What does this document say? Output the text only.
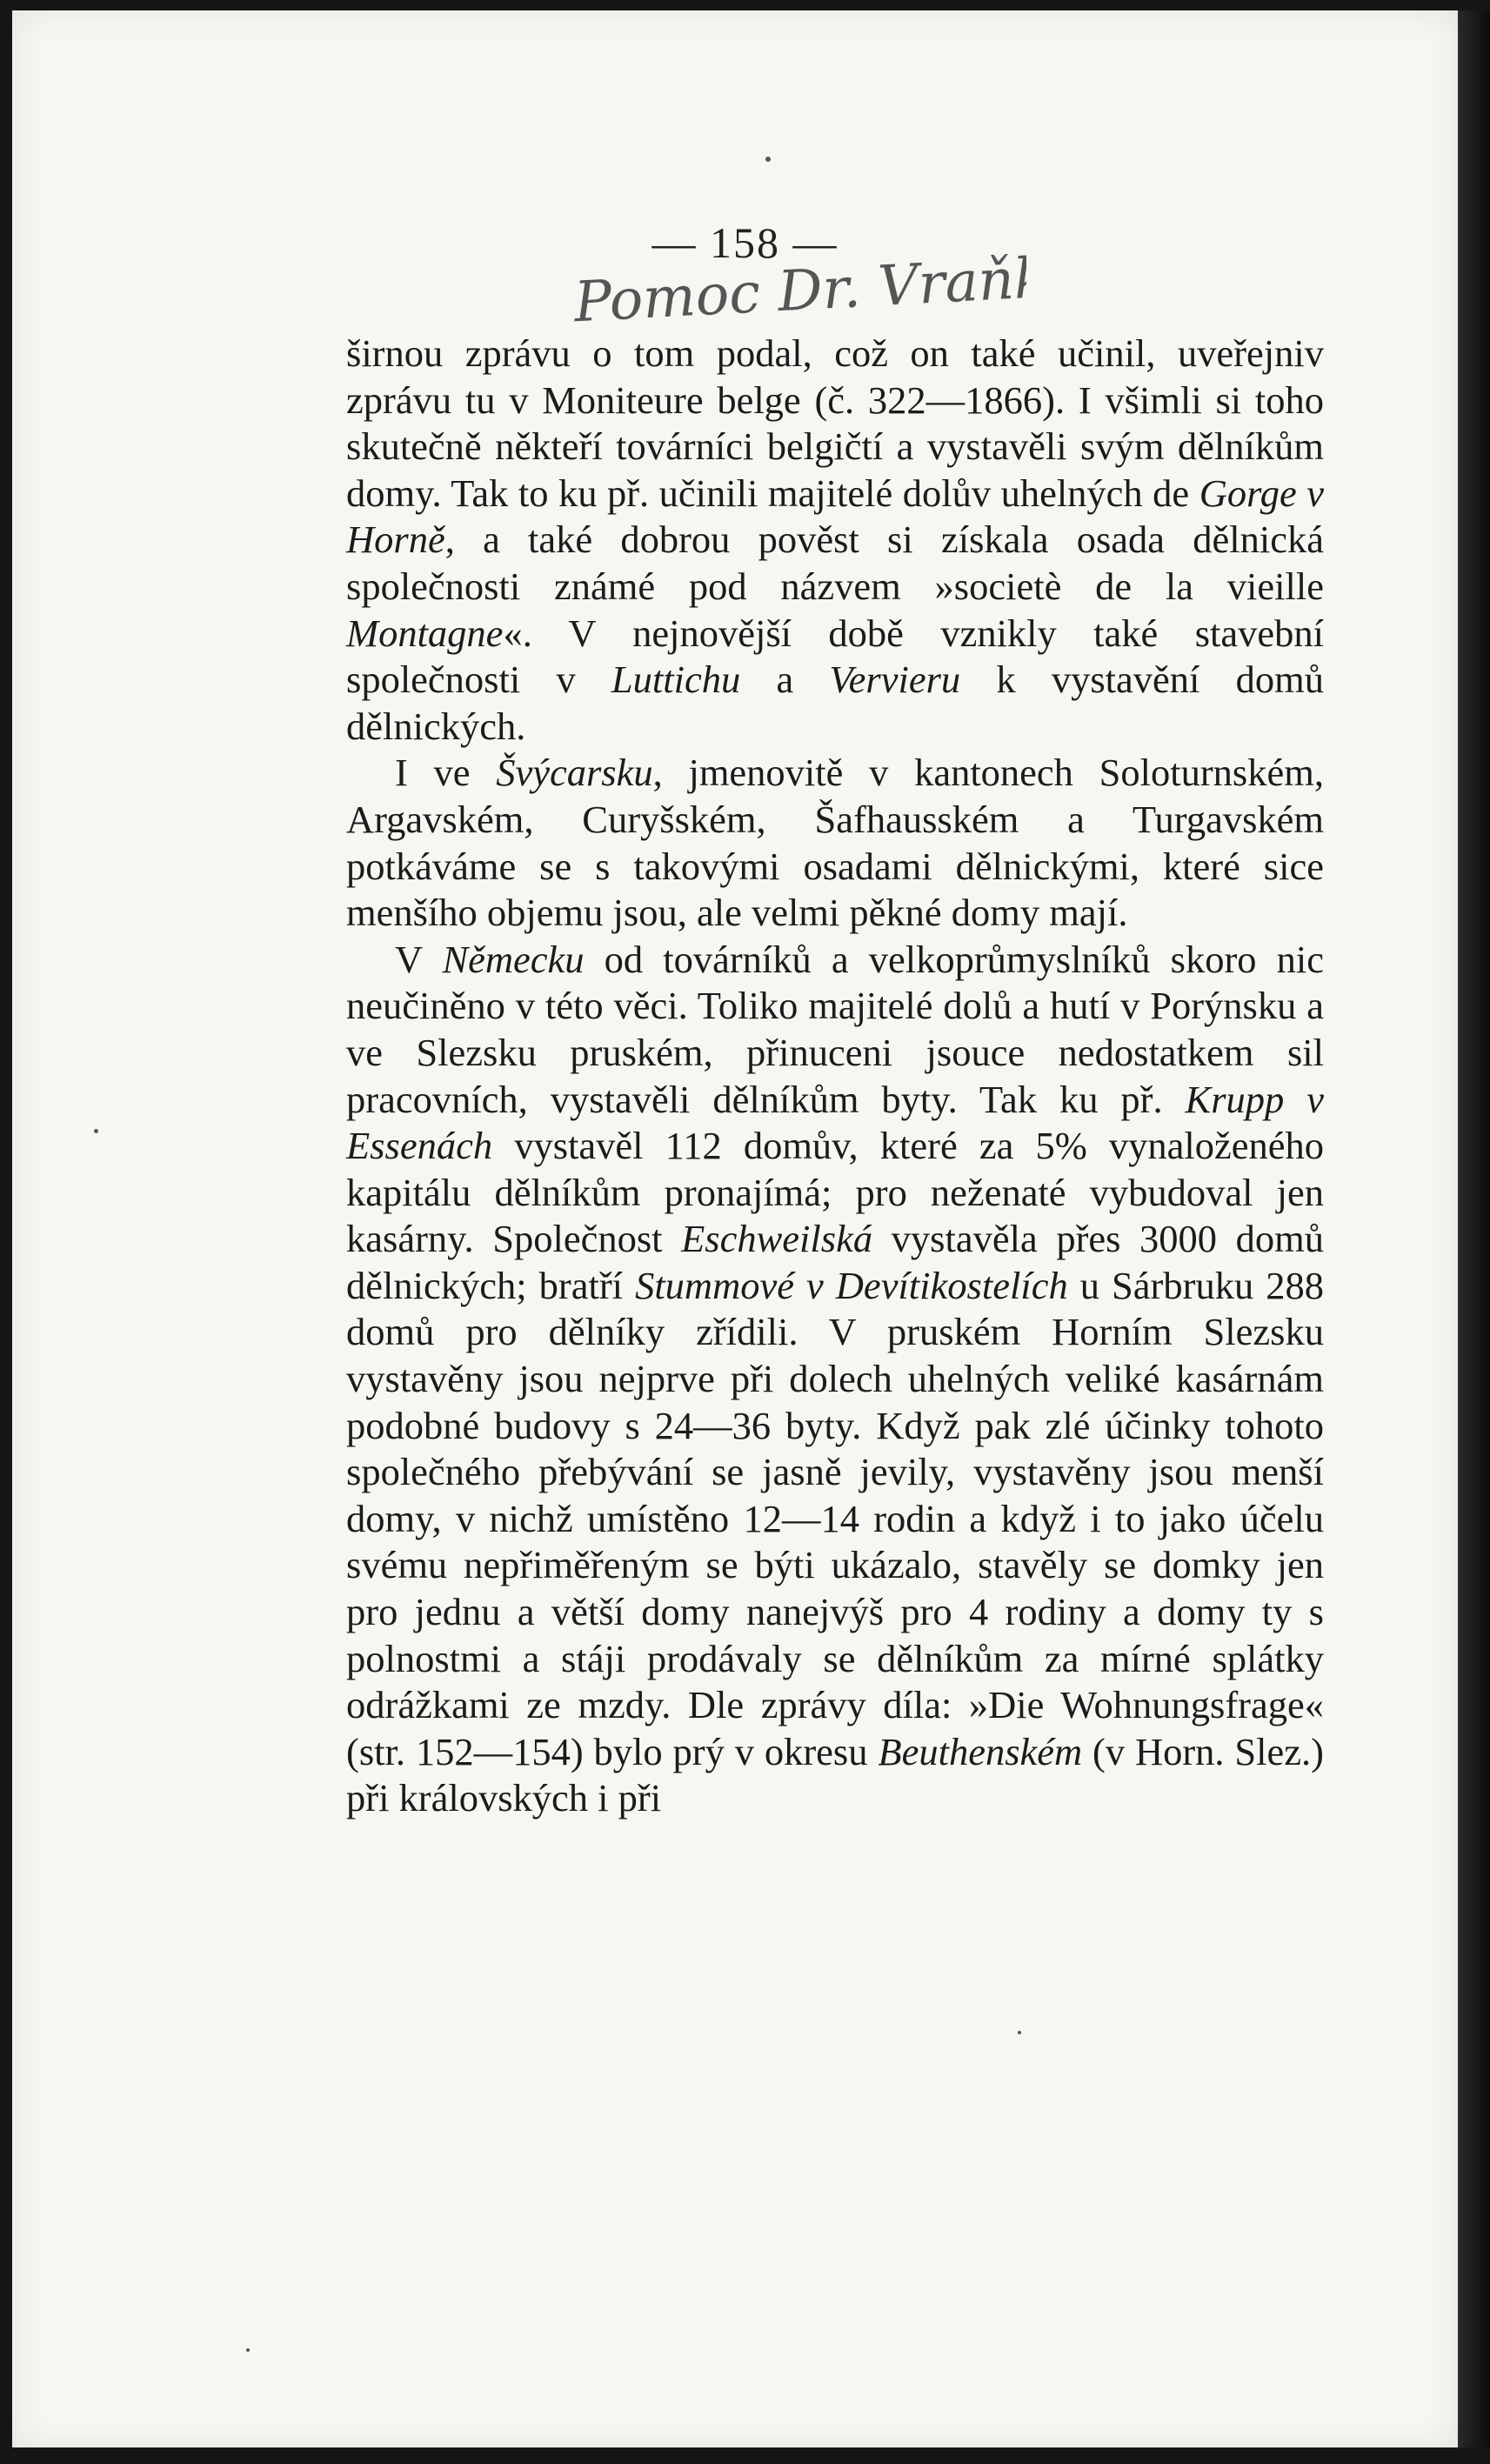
— 158 —
Pomoc Dr. Vraňka

širnou zprávu o tom podal, což on také učinil, uveřejniv zprávu tu v Moniteure belge (č. 322—1866). I všimli si toho skutečně někteří továrníci belgičtí a vystavěli svým dělníkům domy. Tak to ku př. učinili majitelé dolův uhelných de Gorge v Horně, a také dobrou pověst si získala osada dělnická společnosti známé pod názvem »societè de la vieille Montagne«. V nejnovější době vznikly také stavební společnosti v Luttichu a Vervieru k vystavění domů dělnických.

I ve Švýcarsku, jmenovitě v kantonech Soloturnském, Argavském, Curyšském, Šafhausském a Turgavském potkáváme se s takovými osadami dělnickými, které sice menšího objemu jsou, ale velmi pěkné domy mají.

V Německu od továrníků a velkoprůmyslníků skoro nic neučiněno v této věci. Toliko majitelé dolů a hutí v Porýnsku a ve Slezsku pruském, přinuceni jsouce nedostatkem sil pracovních, vystavěli dělníkům byty. Tak ku př. Krupp v Essenách vystavěl 112 domův, které za 5% vynaloženého kapitálu dělníkům pronajímá; pro neženaté vybudoval jen kasárny. Společnost Eschweilská vystavěla přes 3000 domů dělnických; bratří Stummové v Devítikostelích u Sárbruku 288 domů pro dělníky zřídili. V pruském Horním Slezsku vystavěny jsou nejprve při dolech uhelných veliké kasárnám podobné budovy s 24—36 byty. Když pak zlé účinky tohoto společného přebývání se jasně jevily, vystavěny jsou menší domy, v nichž umístěno 12—14 rodin a když i to jako účelu svému nepřiměřeným se býti ukázalo, stavěly se domky jen pro jednu a větší domy nanejvýš pro 4 rodiny a domy ty s polnostmi a stáji prodávaly se dělníkům za mírné splátky odrážkami ze mzdy. Dle zprávy díla: »Die Wohnungsfrage« (str. 152—154) bylo prý v okresu Beuthenském (v Horn. Slez.) při královských i při
